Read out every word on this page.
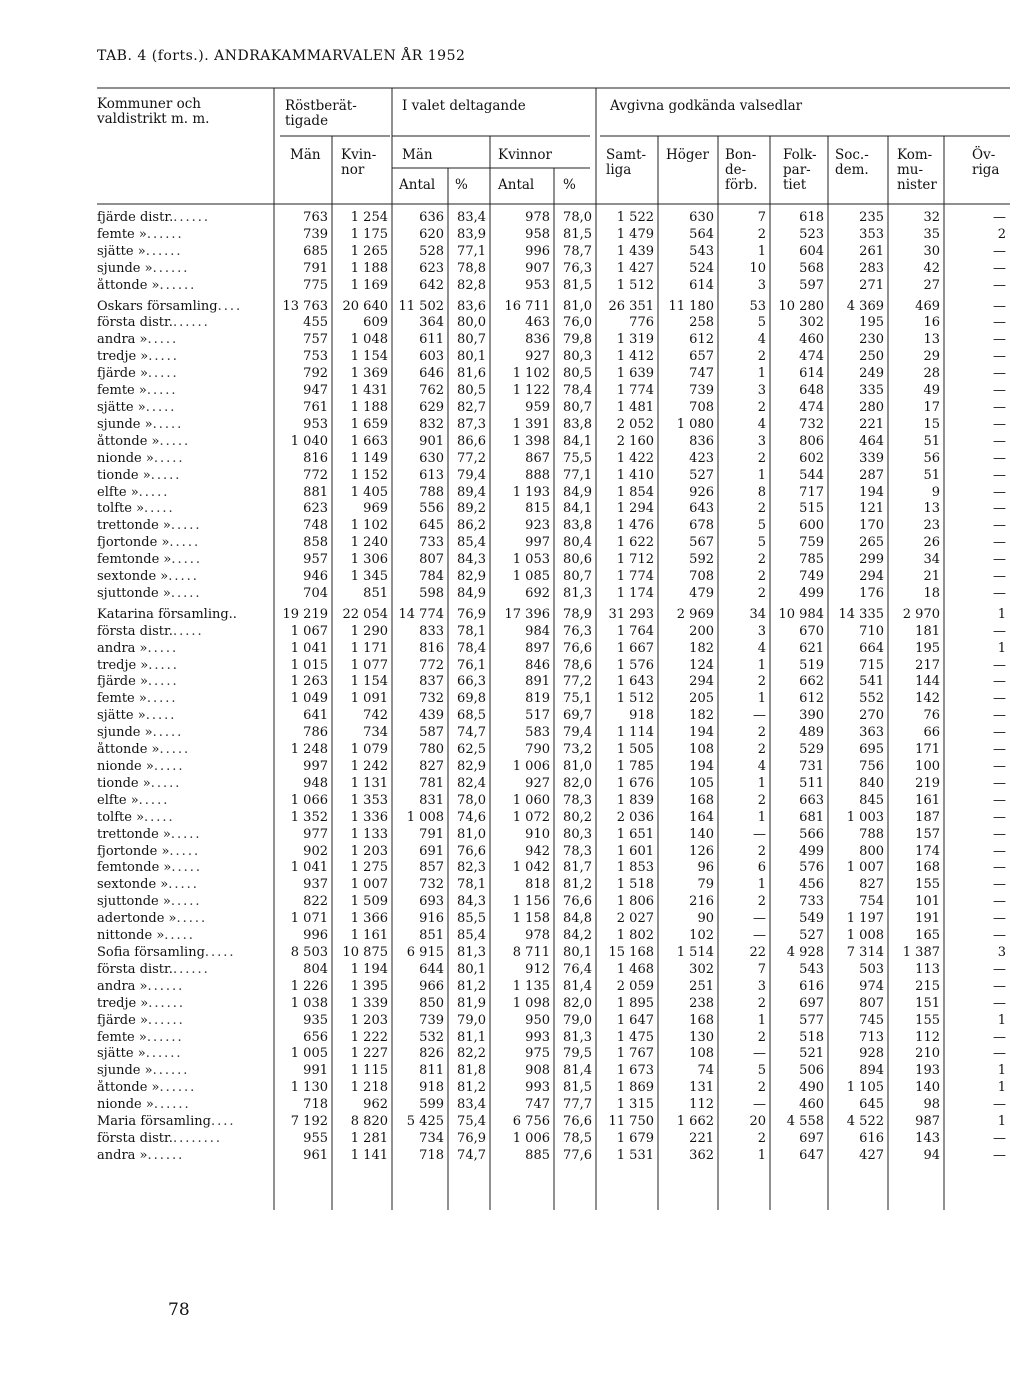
TAB. 4 (forts.). ANDRAKAMMARVALEN ÅR 1952
Kommuner och
valdistrikt m. m.
Röstberät-
tigade
Män Kvin-
nor
I valet deltagande
Män	Kvinnor
Antal % Antal %
Avgivna godkända valsedlar
Samt-
liga
Höger Bon-
de-
förb.
Folk-
par-
tiet
Soc.-
dem.
Kom-
mu-
nister
Öv-
riga
fjärde distr.......	763	1 254	636	83,4	978	78,0	1 522	630	7	618	235	32	—
femte »......	739	1 175	620	83,9	958	81,5	1 479	564	2	523	353	35	2
sjätte »......	685	1 265	528	77,1	996	78,7	1 439	543	1	604	261	30	—
sjunde »......	791	1 188	623	78,8	907	76,3	1 427	524	10	568	283	42	—
åttonde »......	775	1 169	642	82,8	953	81,5	1 512	614	3	597	271	27	—
Oskars församling....	13 763	20 640	11 502	83,6	16 711	81,0	26 351	11 180	53	10 280	4 369	469	—
första distr.......	455	609	364	80,0	463	76,0	776	258	5	302	195	16	—
andra ».....	757	1 048	611	80,7	836	79,8	1 319	612	4	460	230	13	—
tredje ».....	753	1 154	603	80,1	927	80,3	1 412	657	2	474	250	29	—
fjärde ».....	792	1 369	646	81,6	1 102	80,5	1 639	747	1	614	249	28	—
femte ».....	947	1 431	762	80,5	1 122	78,4	1 774	739	3	648	335	49	—
sjätte ».....	761	1 188	629	82,7	959	80,7	1 481	708	2	474	280	17	—
sjunde ».....	953	1 659	832	87,3	1 391	83,8	2 052	1 080	4	732	221	15	—
åttonde ».....	1 040	1 663	901	86,6	1 398	84,1	2 160	836	3	806	464	51	—
nionde ».....	816	1 149	630	77,2	867	75,5	1 422	423	2	602	339	56	—
tionde ».....	772	1 152	613	79,4	888	77,1	1 410	527	1	544	287	51	—
elfte ».....	881	1 405	788	89,4	1 193	84,9	1 854	926	8	717	194	9	—
tolfte ».....	623	969	556	89,2	815	84,1	1 294	643	2	515	121	13	—
trettonde ».....	748	1 102	645	86,2	923	83,8	1 476	678	5	600	170	23	—
fjortonde ».....	858	1 240	733	85,4	997	80,4	1 622	567	5	759	265	26	—
femtonde ».....	957	1 306	807	84,3	1 053	80,6	1 712	592	2	785	299	34	—
sextonde ».....	946	1 345	784	82,9	1 085	80,7	1 774	708	2	749	294	21	—
sjuttonde ».....	704	851	598	84,9	692	81,3	1 174	479	2	499	176	18	—
Katarina församling..	19 219	22 054	14 774	76,9	17 396	78,9	31 293	2 969	34	10 984	14 335	2 970	1
första distr......	1 067	1 290	833	78,1	984	76,3	1 764	200	3	670	710	181	—
andra ».....	1 041	1 171	816	78,4	897	76,6	1 667	182	4	621	664	195	1
tredje ».....	1 015	1 077	772	76,1	846	78,6	1 576	124	1	519	715	217	—
fjärde ».....	1 263	1 154	837	66,3	891	77,2	1 643	294	2	662	541	144	—
femte ».....	1 049	1 091	732	69,8	819	75,1	1 512	205	1	612	552	142	—
sjätte ».....	641	742	439	68,5	517	69,7	918	182	—	390	270	76	—
sjunde ».....	786	734	587	74,7	583	79,4	1 114	194	2	489	363	66	—
åttonde ».....	1 248	1 079	780	62,5	790	73,2	1 505	108	2	529	695	171	—
nionde ».....	997	1 242	827	82,9	1 006	81,0	1 785	194	4	731	756	100	—
tionde ».....	948	1 131	781	82,4	927	82,0	1 676	105	1	511	840	219	—
elfte ».....	1 066	1 353	831	78,0	1 060	78,3	1 839	168	2	663	845	161	—
tolfte ».....	1 352	1 336	1 008	74,6	1 072	80,2	2 036	164	1	681	1 003	187	—
trettonde ».....	977	1 133	791	81,0	910	80,3	1 651	140	—	566	788	157	—
fjortonde ».....	902	1 203	691	76,6	942	78,3	1 601	126	2	499	800	174	—
femtonde ».....	1 041	1 275	857	82,3	1 042	81,7	1 853	96	6	576	1 007	168	—
sextonde ».....	937	1 007	732	78,1	818	81,2	1 518	79	1	456	827	155	—
sjuttonde ».....	822	1 509	693	84,3	1 156	76,6	1 806	216	2	733	754	101	—
adertonde ».....	1 071	1 366	916	85,5	1 158	84,8	2 027	90	—	549	1 197	191	—
nittonde ».....	996	1 161	851	85,4	978	84,2	1 802	102	—	527	1 008	165	—
Sofia församling.....	8 503	10 875	6 915	81,3	8 711	80,1	15 168	1 514	22	4 928	7 314	1 387	3
första distr.......	804	1 194	644	80,1	912	76,4	1 468	302	7	543	503	113	—
andra »......	1 226	1 395	966	81,2	1 135	81,4	2 059	251	3	616	974	215	—
tredje »......	1 038	1 339	850	81,9	1 098	82,0	1 895	238	2	697	807	151	—
fjärde »......	935	1 203	739	79,0	950	79,0	1 647	168	1	577	745	155	1
femte »......	656	1 222	532	81,1	993	81,3	1 475	130	2	518	713	112	—
sjätte »......	1 005	1 227	826	82,2	975	79,5	1 767	108	—	521	928	210	—
sjunde »......	991	1 115	811	81,8	908	81,4	1 673	74	5	506	894	193	1
åttonde »......	1 130	1 218	918	81,2	993	81,5	1 869	131	2	490	1 105	140	1
nionde »......	718	962	599	83,4	747	77,7	1 315	112	—	460	645	98	—
Maria församling....	7 192	8 820	5 425	75,4	6 756	76,6	11 750	1 662	20	4 558	4 522	987	1
första distr.........	955	1 281	734	76,9	1 006	78,5	1 679	221	2	697	616	143	—
andra »......	961	1 141	718	74,7	885	77,6	1 531	362	1	647	427	94	—
78
